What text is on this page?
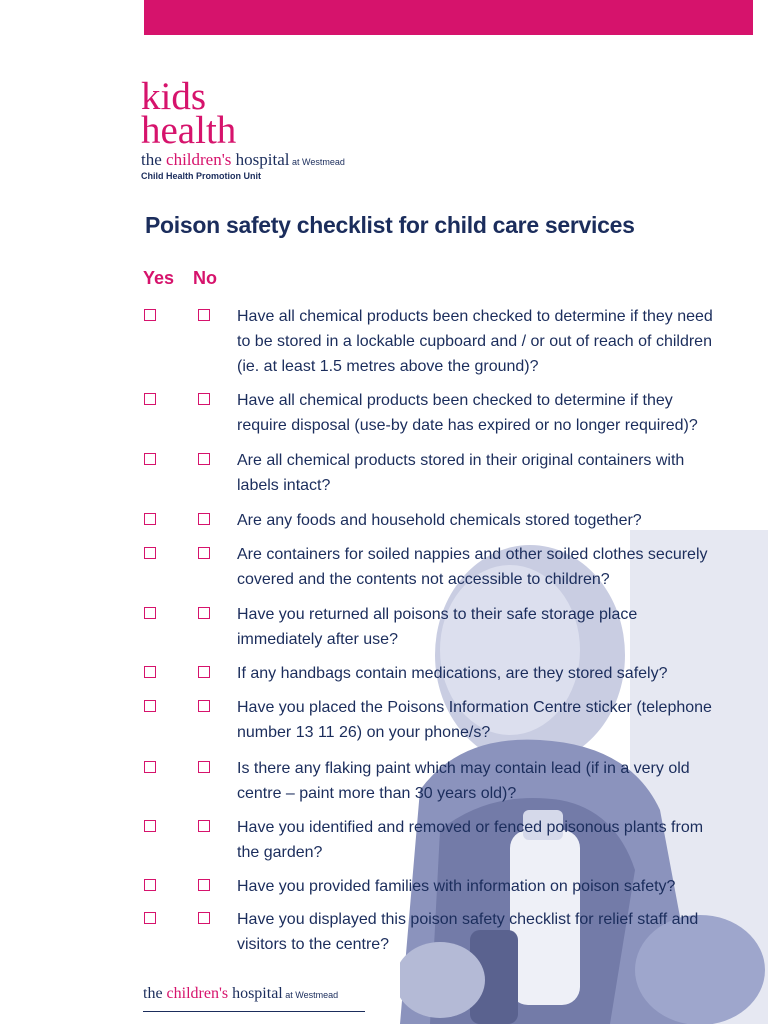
kids
health
the children's hospital at Westmead
Child Health Promotion Unit
Poison safety checklist for child care services
Yes No
Have all chemical products been checked to determine if they need to be stored in a lockable cupboard and / or out of reach of children (ie. at least 1.5 metres above the ground)?
Have all chemical products been checked to determine if they require disposal (use-by date has expired or no longer required)?
Are all chemical products stored in their original containers with labels intact?
Are any foods and household chemicals stored together?
Are containers for soiled nappies and other soiled clothes securely covered and the contents not accessible to children?
Have you returned all poisons to their safe storage place immediately after use?
If any handbags contain medications, are they stored safely?
Have you placed the Poisons Information Centre sticker (telephone number 13 11 26) on your phone/s?
Is there any flaking paint which may contain lead (if in a very old centre – paint more than 30 years old)?
Have you identified and removed or fenced poisonous plants from the garden?
Have you provided families with information on poison safety?
Have you displayed this poison safety checklist for relief staff and visitors to the centre?
the children's hospital at Westmead
